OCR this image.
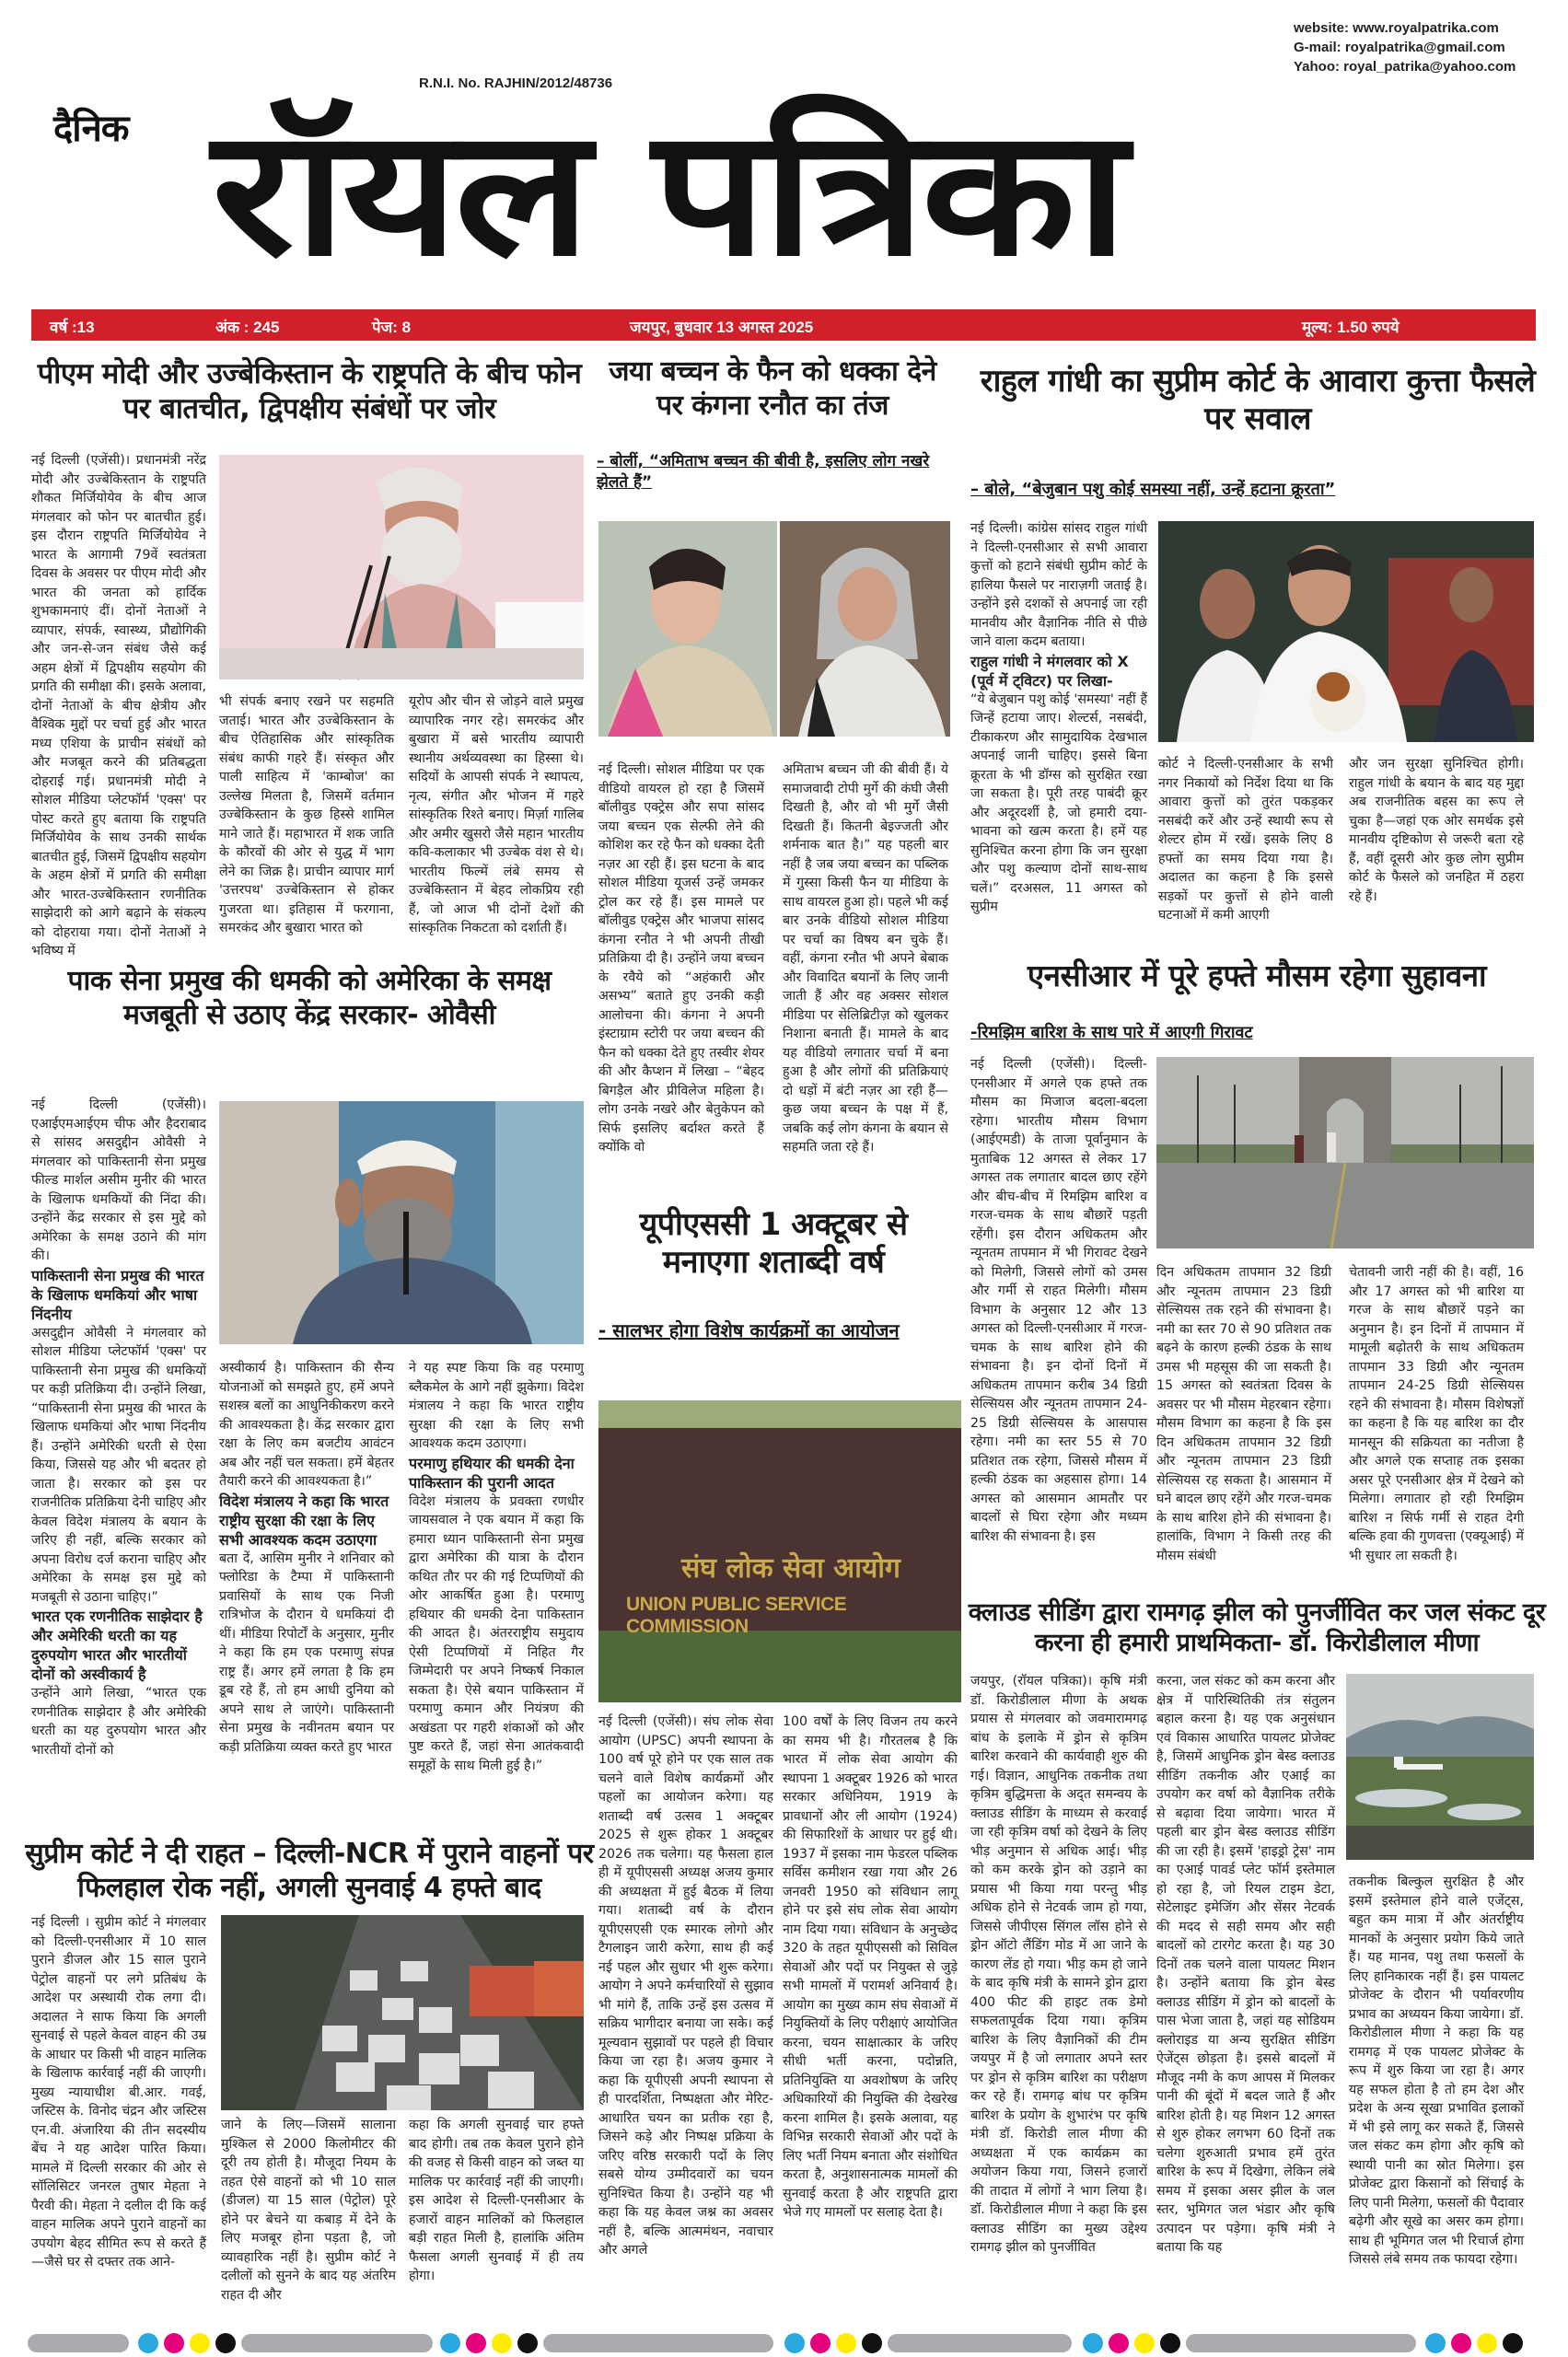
website: www.royalpatrika.com
G-mail: royalpatrika@gmail.com
Yahoo: royal_patrika@yahoo.com
R.N.I. No. RAJHIN/2012/48736
दैनिक रॉयल पत्रिका
वर्ष :13	अंक : 245	पेज: 8	जयपुर, बुधवार 13 अगस्त 2025	मूल्य: 1.50 रुपये
पीएम मोदी और उज्बेकिस्तान के राष्ट्रपति के बीच फोन पर बातचीत, द्विपक्षीय संबंधों पर जोर
नई दिल्ली (एजेंसी)। प्रधानमंत्री नरेंद्र मोदी और उज्बेकिस्तान के राष्ट्रपति शौकत मिर्जियोयेव के बीच आज मंगलवार को फोन पर बातचीत हुई। इस दौरान राष्ट्रपति मिर्जियोयेव ने भारत के आगामी 79वें स्वतंत्रता दिवस के अवसर पर पीएम मोदी और भारत की जनता को हार्दिक शुभकामनाएं दीं। दोनों नेताओं ने व्यापार, संपर्क, स्वास्थ्य, प्रौद्योगिकी और जन-से-जन संबंध जैसे कई अहम क्षेत्रों में द्विपक्षीय सहयोग की प्रगति की समीक्षा की। इसके अलावा, दोनों नेताओं के बीच क्षेत्रीय और वैश्विक मुद्दों पर चर्चा हुई और भारत मध्य एशिया के प्राचीन संबंधों को और मजबूत करने की प्रतिबद्धता दोहराई गई। प्रधानमंत्री मोदी ने सोशल मीडिया प्लेटफॉर्म 'एक्स' पर पोस्ट करते हुए बताया कि राष्ट्रपति मिर्जियोयेव के साथ उनकी सार्थक बातचीत हुई, जिसमें द्विपक्षीय सहयोग के अहम क्षेत्रों में प्रगति की समीक्षा और भारत-उज्बेकिस्तान रणनीतिक साझेदारी को आगे बढ़ाने के संकल्प को दोहराया गया। दोनों नेताओं ने भविष्य में
भी संपर्क बनाए रखने पर सहमति जताई। भारत और उज्बेकिस्तान के बीच ऐतिहासिक और सांस्कृतिक संबंध काफी गहरे हैं। संस्कृत और पाली साहित्य में 'काम्बोज' का उल्लेख मिलता है, जिसमें वर्तमान उज्बेकिस्तान के कुछ हिस्से शामिल माने जाते हैं। महाभारत में शक जाति के कौरवों की ओर से युद्ध में भाग लेने का जिक्र है। प्राचीन व्यापार मार्ग 'उत्तरपथ' उज्बेकिस्तान से होकर गुजरता था। इतिहास में फरगाना, समरकंद और बुखारा भारत को
यूरोप और चीन से जोड़ने वाले प्रमुख व्यापारिक नगर रहे। समरकंद और बुखारा में बसे भारतीय व्यापारी स्थानीय अर्थव्यवस्था का हिस्सा थे। सदियों के आपसी संपर्क ने स्थापत्य, नृत्य, संगीत और भोजन में गहरे सांस्कृतिक रिश्ते बनाए। मिर्ज़ा गालिब और अमीर खुसरो जैसे महान भारतीय कवि-कलाकार भी उज्बेक वंश से थे। भारतीय फिल्में लंबे समय से उज्बेकिस्तान में बेहद लोकप्रिय रही हैं, जो आज भी दोनों देशों की सांस्कृतिक निकटता को दर्शाती हैं।
जया बच्चन के फैन को धक्का देने पर कंगना रनौत का तंज
– बोलीं, “अमिताभ बच्चन की बीवी है, इसलिए लोग नखरे झेलते हैं”
नई दिल्ली। सोशल मीडिया पर एक वीडियो वायरल हो रहा है जिसमें बॉलीवुड एक्ट्रेस और सपा सांसद जया बच्चन एक सेल्फी लेने की कोशिश कर रहे फैन को धक्का देती नज़र आ रही हैं। इस घटना के बाद सोशल मीडिया यूजर्स उन्हें जमकर ट्रोल कर रहे हैं। इस मामले पर बॉलीवुड एक्ट्रेस और भाजपा सांसद कंगना रनौत ने भी अपनी तीखी प्रतिक्रिया दी है। उन्होंने जया बच्चन के रवैये को “अहंकारी और असभ्य” बताते हुए उनकी कड़ी आलोचना की। कंगना ने अपनी इंस्टाग्राम स्टोरी पर जया बच्चन की फैन को धक्का देते हुए तस्वीर शेयर की और कैप्शन में लिखा – “बेहद बिगड़ैल और प्रीविलेज महिला है। लोग उनके नखरे और बेतुकेपन को सिर्फ इसलिए बर्दाश्त करते हैं क्योंकि वो
अमिताभ बच्चन जी की बीवी हैं। ये समाजवादी टोपी मुर्गे की कंघी जैसी दिखती है, और वो भी मुर्गे जैसी दिखती हैं। कितनी बेइज्जती और शर्मनाक बात है।” यह पहली बार नहीं है जब जया बच्चन का पब्लिक में गुस्सा किसी फैन या मीडिया के साथ वायरल हुआ हो। पहले भी कई बार उनके वीडियो सोशल मीडिया पर चर्चा का विषय बन चुके हैं। वहीं, कंगना रनौत भी अपने बेबाक और विवादित बयानों के लिए जानी जाती हैं और वह अक्सर सोशल मीडिया पर सेलिब्रिटीज़ को खुलकर निशाना बनाती हैं। मामले के बाद यह वीडियो लगातार चर्चा में बना हुआ है और लोगों की प्रतिक्रियाएं दो धड़ों में बंटी नज़र आ रही हैं—कुछ जया बच्चन के पक्ष में हैं, जबकि कई लोग कंगना के बयान से सहमति जता रहे हैं।
राहुल गांधी का सुप्रीम कोर्ट के आवारा कुत्ता फैसले पर सवाल
– बोले, “बेजुबान पशु कोई समस्या नहीं, उन्हें हटाना क्रूरता”

नई दिल्ली। कांग्रेस सांसद राहुल गांधी ने दिल्ली-एनसीआर से सभी आवारा कुत्तों को हटाने संबंधी सुप्रीम कोर्ट के हालिया फैसले पर नाराज़गी जताई है। उन्होंने इसे दशकों से अपनाई जा रही मानवीय और वैज्ञानिक नीति से पीछे जाने वाला कदम बताया।

राहुल गांधी ने मंगलवार को X (पूर्व में ट्विटर) पर लिखा-

“ये बेजुबान पशु कोई 'समस्या' नहीं हैं जिन्हें हटाया जाए। शेल्टर्स, नसबंदी, टीकाकरण और सामुदायिक देखभाल अपनाई जानी चाहिए। इससे बिना क्रूरता के भी डॉग्स को सुरक्षित रखा जा सकता है। पूरी तरह पाबंदी क्रूर और अदूरदर्शी है, जो हमारी दया-भावना को खत्म करता है। हमें यह सुनिश्चित करना होगा कि जन सुरक्षा और पशु कल्याण दोनों साथ-साथ चलें।” दरअसल, 11 अगस्त को सुप्रीम

कोर्ट ने दिल्ली-एनसीआर के सभी नगर निकायों को निर्देश दिया था कि आवारा कुत्तों को तुरंत पकड़कर नसबंदी करें और उन्हें स्थायी रूप से शेल्टर होम में रखें। इसके लिए 8 हफ्तों का समय दिया गया है। अदालत का कहना है कि इससे सड़कों पर कुत्तों से होने वाली घटनाओं में कमी आएगी
और जन सुरक्षा सुनिश्चित होगी। राहुल गांधी के बयान के बाद यह मुद्दा अब राजनीतिक बहस का रूप ले चुका है—जहां एक ओर समर्थक इसे मानवीय दृष्टिकोण से जरूरी बता रहे हैं, वहीं दूसरी ओर कुछ लोग सुप्रीम कोर्ट के फैसले को जनहित में ठहरा रहे हैं।
एनसीआर में पूरे हफ्ते मौसम रहेगा सुहावना
-रिमझिम बारिश के साथ पारे में आएगी गिरावट
नई दिल्ली (एजेंसी)। दिल्ली-एनसीआर में अगले एक हफ्ते तक मौसम का मिजाज बदला-बदला रहेगा। भारतीय मौसम विभाग (आईएमडी) के ताजा पूर्वानुमान के मुताबिक 12 अगस्त से लेकर 17 अगस्त तक लगातार बादल छाए रहेंगे और बीच-बीच में रिमझिम बारिश व गरज-चमक के साथ बौछारें पड़ती रहेंगी। इस दौरान अधिकतम और न्यूनतम तापमान में भी गिरावट देखने को मिलेगी, जिससे लोगों को उमस और गर्मी से राहत मिलेगी। मौसम विभाग के अनुसार 12 और 13 अगस्त को दिल्ली-एनसीआर में गरज-चमक के साथ बारिश होने की संभावना है। इन दोनों दिनों में अधिकतम तापमान करीब 34 डिग्री सेल्सियस और न्यूनतम तापमान 24-25 डिग्री सेल्सियस के आसपास रहेगा। नमी का स्तर 55 से 70 प्रतिशत तक रहेगा, जिससे मौसम में हल्की ठंडक का अहसास होगा। 14 अगस्त को आसमान आमतौर पर बादलों से घिरा रहेगा और मध्यम बारिश की संभावना है। इस
दिन अधिकतम तापमान 32 डिग्री और न्यूनतम तापमान 23 डिग्री सेल्सियस तक रहने की संभावना है। नमी का स्तर 70 से 90 प्रतिशत तक बढ़ने के कारण हल्की ठंडक के साथ उमस भी महसूस की जा सकती है। 15 अगस्त को स्वतंत्रता दिवस के अवसर पर भी मौसम मेहरबान रहेगा। मौसम विभाग का कहना है कि इस दिन अधिकतम तापमान 32 डिग्री और न्यूनतम तापमान 23 डिग्री सेल्सियस रह सकता है। आसमान में घने बादल छाए रहेंगे और गरज-चमक के साथ बारिश होने की संभावना है। हालांकि, विभाग ने किसी तरह की मौसम संबंधी
चेतावनी जारी नहीं की है। वहीं, 16 और 17 अगस्त को भी बारिश या गरज के साथ बौछारें पड़ने का अनुमान है। इन दिनों में तापमान में मामूली बढ़ोतरी के साथ अधिकतम तापमान 33 डिग्री और न्यूनतम तापमान 24-25 डिग्री सेल्सियस रहने की संभावना है। मौसम विशेषज्ञों का कहना है कि यह बारिश का दौर मानसून की सक्रियता का नतीजा है और अगले एक सप्ताह तक इसका असर पूरे एनसीआर क्षेत्र में देखने को मिलेगा। लगातार हो रही रिमझिम बारिश न सिर्फ गर्मी से राहत देगी बल्कि हवा की गुणवत्ता (एक्यूआई) में भी सुधार ला सकती है।
पाक सेना प्रमुख की धमकी को अमेरिका के समक्ष मजबूती से उठाए केंद्र सरकार- ओवैसी

नई दिल्ली (एजेंसी)। एआईएमआईएम चीफ और हैदराबाद से सांसद असदुद्दीन ओवैसी ने मंगलवार को पाकिस्तानी सेना प्रमुख फील्ड मार्शल असीम मुनीर की भारत के खिलाफ धमकियों की निंदा की। उन्होंने केंद्र सरकार से इस मुद्दे को अमेरिका के समक्ष उठाने की मांग की।

पाकिस्तानी सेना प्रमुख की भारत के खिलाफ धमकियां और भाषा निंदनीय

असदुद्दीन ओवैसी ने मंगलवार को सोशल मीडिया प्लेटफॉर्म 'एक्स' पर पाकिस्तानी सेना प्रमुख की धमकियों पर कड़ी प्रतिक्रिया दी। उन्होंने लिखा, “पाकिस्तानी सेना प्रमुख की भारत के खिलाफ धमकियां और भाषा निंदनीय हैं। उन्होंने अमेरिकी धरती से ऐसा किया, जिससे यह और भी बदतर हो जाता है। सरकार को इस पर राजनीतिक प्रतिक्रिया देनी चाहिए और केवल विदेश मंत्रालय के बयान के जरिए ही नहीं, बल्कि सरकार को अपना विरोध दर्ज कराना चाहिए और अमेरिका के समक्ष इस मुद्दे को मजबूती से उठाना चाहिए।”

भारत एक रणनीतिक साझेदार है और अमेरिकी धरती का यह दुरुपयोग भारत और भारतीयों दोनों को अस्वीकार्य है

उन्होंने आगे लिखा, “भारत एक रणनीतिक साझेदार है और अमेरिकी धरती का यह दुरुपयोग भारत और भारतीयों दोनों को

अस्वीकार्य है। पाकिस्तान की सैन्य योजनाओं को समझते हुए, हमें अपने सशस्त्र बलों का आधुनिकीकरण करने की आवश्यकता है। केंद्र सरकार द्वारा रक्षा के लिए कम बजटीय आवंटन अब और नहीं चल सकता। हमें बेहतर तैयारी करने की आवश्यकता है।”

विदेश मंत्रालय ने कहा कि भारत राष्ट्रीय सुरक्षा की रक्षा के लिए सभी आवश्यक कदम उठाएगा

बता दें, आसिम मुनीर ने शनिवार को फ्लोरिडा के टैम्पा में पाकिस्तानी प्रवासियों के साथ एक निजी रात्रिभोज के दौरान ये धमकियां दी थीं। मीडिया रिपोर्टों के अनुसार, मुनीर ने कहा कि हम एक परमाणु संपन्न राष्ट्र हैं। अगर हमें लगता है कि हम डूब रहे हैं, तो हम आधी दुनिया को अपने साथ ले जाएंगे। पाकिस्तानी सेना प्रमुख के नवीनतम बयान पर कड़ी प्रतिक्रिया व्यक्त करते हुए भारत

ने यह स्पष्ट किया कि वह परमाणु ब्लैकमेल के आगे नहीं झुकेगा। विदेश मंत्रालय ने कहा कि भारत राष्ट्रीय सुरक्षा की रक्षा के लिए सभी आवश्यक कदम उठाएगा।

परमाणु हथियार की धमकी देना पाकिस्तान की पुरानी आदत

विदेश मंत्रालय के प्रवक्ता रणधीर जायसवाल ने एक बयान में कहा कि हमारा ध्यान पाकिस्तानी सेना प्रमुख द्वारा अमेरिका की यात्रा के दौरान कथित तौर पर की गई टिप्पणियों की ओर आकर्षित हुआ है। परमाणु हथियार की धमकी देना पाकिस्तान की आदत है। अंतरराष्ट्रीय समुदाय ऐसी टिप्पणियों में निहित गैर जिम्मेदारी पर अपने निष्कर्ष निकाल सकता है। ऐसे बयान पाकिस्तान में परमाणु कमान और नियंत्रण की अखंडता पर गहरी शंकाओं को और पुष्ट करते हैं, जहां सेना आतंकवादी समूहों के साथ मिली हुई है।”

यूपीएससी 1 अक्टूबर से मनाएगा शताब्दी वर्ष
- सालभर होगा विशेष कार्यक्रमों का आयोजन
संघ लोक सेवा आयोग
UNION PUBLIC SERVICE COMMISSION
नई दिल्ली (एजेंसी)। संघ लोक सेवा आयोग (UPSC) अपनी स्थापना के 100 वर्ष पूरे होने पर एक साल तक चलने वाले विशेष कार्यक्रमों और पहलों का आयोजन करेगा। यह शताब्दी वर्ष उत्सव 1 अक्टूबर 2025 से शुरू होकर 1 अक्टूबर 2026 तक चलेगा। यह फैसला हाल ही में यूपीएससी अध्यक्ष अजय कुमार की अध्यक्षता में हुई बैठक में लिया गया। शताब्दी वर्ष के दौरान यूपीएसएसी एक स्मारक लोगो और टैगलाइन जारी करेगा, साथ ही कई नई पहल और सुधार भी शुरू करेगा। आयोग ने अपने कर्मचारियों से सुझाव भी मांगे हैं, ताकि उन्हें इस उत्सव में सक्रिय भागीदार बनाया जा सके। कई मूल्यवान सुझावों पर पहले ही विचार किया जा रहा है। अजय कुमार ने कहा कि यूपीएसी अपनी स्थापना से ही पारदर्शिता, निष्पक्षता और मेरिट-आधारित चयन का प्रतीक रहा है, जिसने कड़े और निष्पक्ष प्रक्रिया के जरिए वरिष्ठ सरकारी पदों के लिए सबसे योग्य उम्मीदवारों का चयन सुनिश्चित किया है। उन्होंने यह भी कहा कि यह केवल जश्न का अवसर नहीं है, बल्कि आत्ममंथन, नवाचार और अगले
100 वर्षों के लिए विजन तय करने का समय भी है। गौरतलब है कि भारत में लोक सेवा आयोग की स्थापना 1 अक्टूबर 1926 को भारत सरकार अधिनियम, 1919 के प्रावधानों और ली आयोग (1924) की सिफारिशों के आधार पर हुई थी। 1937 में इसका नाम फेडरल पब्लिक सर्विस कमीशन रखा गया और 26 जनवरी 1950 को संविधान लागू होने पर इसे संघ लोक सेवा आयोग नाम दिया गया। संविधान के अनुच्छेद 320 के तहत यूपीएससी को सिविल सेवाओं और पदों पर नियुक्त से जुड़े सभी मामलों में परामर्श अनिवार्य है। आयोग का मुख्य काम संघ सेवाओं में नियुक्तियों के लिए परीक्षाएं आयोजित करना, चयन साक्षात्कार के जरिए सीधी भर्ती करना, पदोन्नति, प्रतिनियुक्ति या अवशोषण के जरिए अधिकारियों की नियुक्ति की देखरेख करना शामिल है। इसके अलावा, यह विभिन्न सरकारी सेवाओं और पदों के लिए भर्ती नियम बनाता और संशोधित करता है, अनुशासनात्मक मामलों की सुनवाई करता है और राष्ट्रपति द्वारा भेजे गए मामलों पर सलाह देता है।
सुप्रीम कोर्ट ने दी राहत – दिल्ली-NCR में पुराने वाहनों पर फिलहाल रोक नहीं, अगली सुनवाई 4 हफ्ते बाद
नई दिल्ली । सुप्रीम कोर्ट ने मंगलवार को दिल्ली-एनसीआर में 10 साल पुराने डीजल और 15 साल पुराने पेट्रोल वाहनों पर लगे प्रतिबंध के आदेश पर अस्थायी रोक लगा दी। अदालत ने साफ किया कि अगली सुनवाई से पहले केवल वाहन की उम्र के आधार पर किसी भी वाहन मालिक के खिलाफ कार्रवाई नहीं की जाएगी। मुख्य न्यायाधीश बी.आर. गवई, जस्टिस के. विनोद चंद्रन और जस्टिस एन.वी. अंजारिया की तीन सदस्यीय बेंच ने यह आदेश पारित किया। मामले में दिल्ली सरकार की ओर से सॉलिसिटर जनरल तुषार मेहता ने पैरवी की। मेहता ने दलील दी कि कई वाहन मालिक अपने पुराने वाहनों का उपयोग बेहद सीमित रूप से करते हैं—जैसे घर से दफ्तर तक आने-
जाने के लिए—जिसमें सालाना मुश्किल से 2000 किलोमीटर की दूरी तय होती है। मौजूदा नियम के तहत ऐसे वाहनों को भी 10 साल (डीजल) या 15 साल (पेट्रोल) पूरे होने पर बेचने या कबाड़ में देने के लिए मजबूर होना पड़ता है, जो व्यावहारिक नहीं है। सुप्रीम कोर्ट ने दलीलों को सुनने के बाद यह अंतरिम राहत दी और
कहा कि अगली सुनवाई चार हफ्ते बाद होगी। तब तक केवल पुराने होने की वजह से किसी वाहन को जब्त या मालिक पर कार्रवाई नहीं की जाएगी। इस आदेश से दिल्ली-एनसीआर के हजारों वाहन मालिकों को फिलहाल बड़ी राहत मिली है, हालांकि अंतिम फैसला अगली सुनवाई में ही तय होगा।
क्लाउड सीडिंग द्वारा रामगढ़ झील को पुनर्जीवित कर जल संकट दूर करना ही हमारी प्राथमिकता- डॉ. किरोडीलाल मीणा
जयपुर, (रॉयल पत्रिका)। कृषि मंत्री डॉ. किरोडीलाल मीणा के अथक प्रयास से मंगलवार को जवमारामगढ़ बांध के इलाके में ड्रोन से कृत्रिम बारिश करवाने की कार्यवाही शुरु की गई। विज्ञान, आधुनिक तकनीक तथा कृत्रिम बुद्धिमत्ता के अद्‌त समन्वय के क्लाउड सीडिंग के माध्यम से करवाई जा रही कृत्रिम वर्षा को देखने के लिए भीड़ अनुमान से अधिक आई। भीड़ को कम करके ड्रोन को उड़ाने का प्रयास भी किया गया परन्तु भीड़ अधिक होने से नेटवर्क जाम हो गया, जिससे जीपीएस सिंगल लॉस होने से ड्रोन ऑटो लैंडिंग मोड में आ जाने के कारण लेंड हो गया। भीड़ कम हो जाने के बाद कृषि मंत्री के सामने ड्रोन द्वारा 400 फीट की हाइट तक डेमो सफलतापूर्वक दिया गया। कृत्रिम बारिश के लिए वैज्ञानिकों की टीम जयपुर में है जो लगातार अपने स्तर पर ड्रोन से कृत्रिम बारिश का परीक्षण कर रहे हैं। रामगढ़ बांध पर कृत्रिम बारिश के प्रयोग के शुभारंभ पर कृषि मंत्री डॉ. किरोडी लाल मीणा की अध्यक्षता में एक कार्यक्रम का अयोजन किया गया, जिसने हजारों की तादात में लोगों ने भाग लिया है। डॉ. किरोडीलाल मीणा ने कहा कि इस क्लाउड सीडिंग का मुख्य उद्देश्य रामगढ़ झील को पुनर्जीवित
करना, जल संकट को कम करना और क्षेत्र में पारिस्थितिकी तंत्र संतुलन बहाल करना है। यह एक अनुसंधान एवं विकास आधारित पायलट प्रोजेक्ट है, जिसमें आधुनिक ड्रोन बेस्ड क्लाउड सीडिंग तकनीक और एआई का उपयोग कर वर्षा को वैज्ञानिक तरीके से बढ़ावा दिया जायेगा। भारत में पहली बार ड्रोन बेस्ड क्लाउड सीडिंग की जा रही है। इसमें 'हाइड्रो ट्रेस' नाम का एआई पावर्ड प्लेट फॉर्म इस्तेमाल हो रहा है, जो रियल टाइम डेटा, सेटेलाइट इमेजिंग और सेंसर नेटवर्क की मदद से सही समय और सही बादलों को टारगेट करता है। यह 30 दिनों तक चलने वाला पायलट मिशन है। उन्होंने बताया कि ड्रोन बेस्ड क्लाउड सीडिंग में ड्रोन को बादलों के पास भेजा जाता है, जहां यह सोडियम क्लोराइड या अन्य सुरक्षित सीडिंग ऐजेंट्स छोड़ता है। इससे बादलों में मौजूद नमी के कण आपस में मिलकर पानी की बूंदों में बदल जाते हैं और बारिश होती है। यह मिशन 12 अगस्त से शुरु होकर लगभग 60 दिनों तक चलेगा शुरुआती प्रभाव हमें तुरंत बारिश के रूप में दिखेगा, लेकिन लंबे समय में इसका असर झील के जल स्तर, भुमिगत जल भंडार और कृषि उत्पादन पर पड़ेगा। कृषि मंत्री ने बताया कि यह
तकनीक बिल्कुल सुरक्षित है और इसमें इस्तेमाल होने वाले एजेंट्स, बहुत कम मात्रा में और अंतर्राष्ट्रीय मानकों के अनुसार प्रयोग किये जाते हैं। यह मानव, पशु तथा फसलों के लिए हानिकारक नहीं हैं। इस पायलट प्रोजेक्ट के दौरान भी पर्यावरणीय प्रभाव का अध्ययन किया जायेगा। डॉ. किरोडीलाल मीणा ने कहा कि यह रामगढ़ में एक पायलट प्रोजेक्ट के रूप में शुरु किया जा रहा है। अगर यह सफल होता है तो हम देश और प्रदेश के अन्य सूखा प्रभावित इलाकों में भी इसे लागू कर सकते हैं, जिससे जल संकट कम होगा और कृषि को स्थायी पानी का स्रोत मिलेगा। इस प्रोजेक्ट द्वारा किसानों को सिंचाई के लिए पानी मिलेगा, फसलों की पैदावार बढ़ेगी और सूखे का असर कम होगा। साथ ही भूमिगत जल भी रिचार्ज होगा जिससे लंबे समय तक फायदा रहेगा।
